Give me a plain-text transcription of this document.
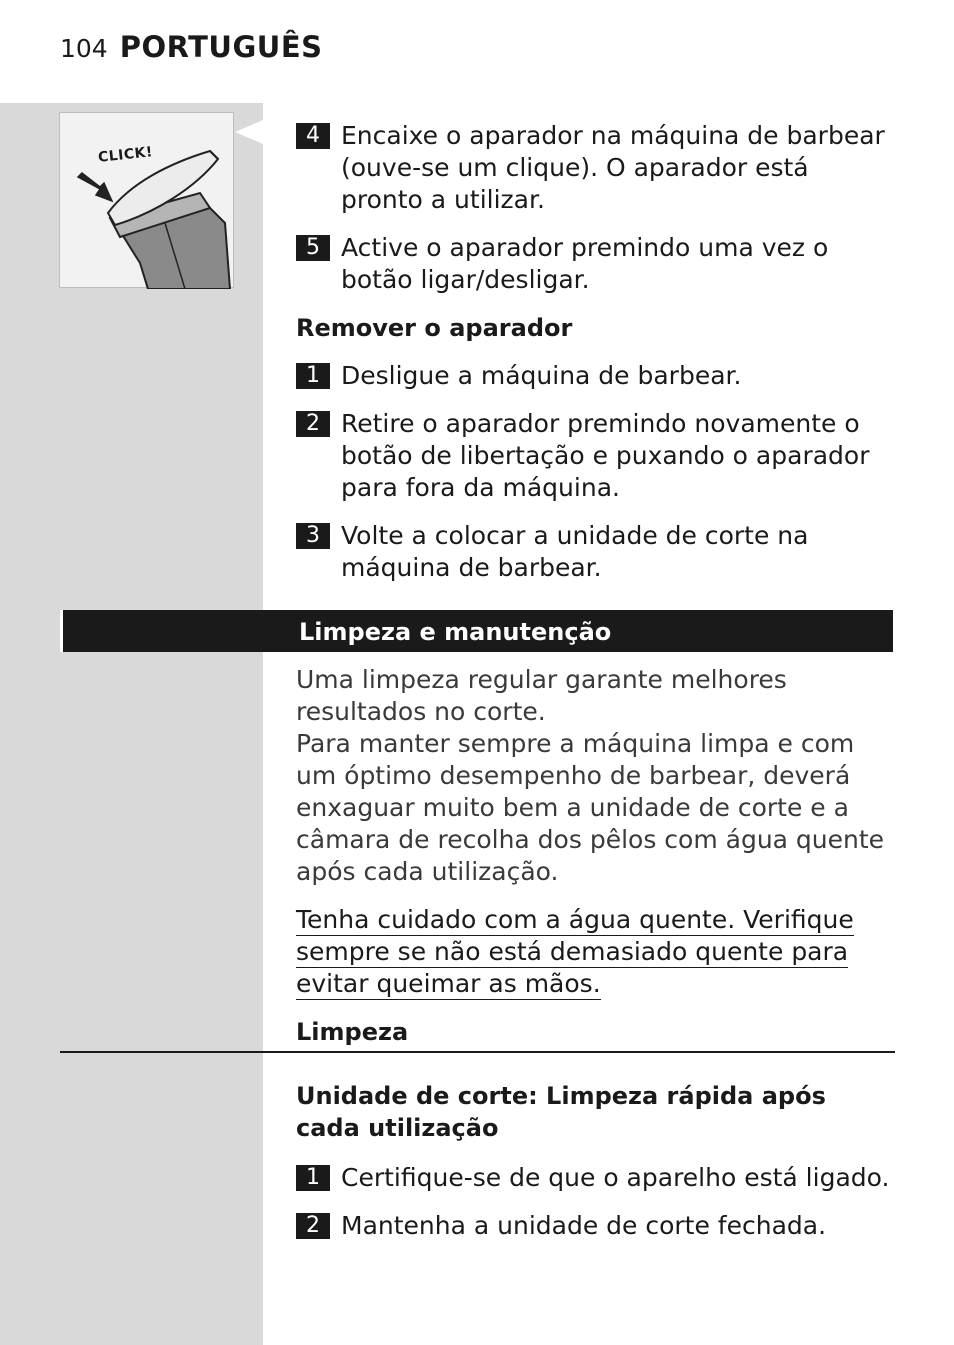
104 PORTUGUÊS
CLICK!
4 Encaixe o aparador na máquina de barbear (ouve-se um clique). O aparador está pronto a utilizar.
5 Active o aparador premindo uma vez o botão ligar/desligar.
Remover o aparador
1 Desligue a máquina de barbear.
2 Retire o aparador premindo novamente o botão de libertação e puxando o aparador para fora da máquina.
3 Volte a colocar a unidade de corte na máquina de barbear.
Limpeza e manutenção

Uma limpeza regular garante melhores resultados no corte.

Para manter sempre a máquina limpa e com um óptimo desempenho de barbear, deverá enxaguar muito bem a unidade de corte e a câmara de recolha dos pêlos com água quente após cada utilização.

Tenha cuidado com a água quente. Verifique sempre se não está demasiado quente para evitar queimar as mãos.
Limpeza
Unidade de corte: Limpeza rápida após cada utilização
1 Certifique-se de que o aparelho está ligado.
2 Mantenha a unidade de corte fechada.
